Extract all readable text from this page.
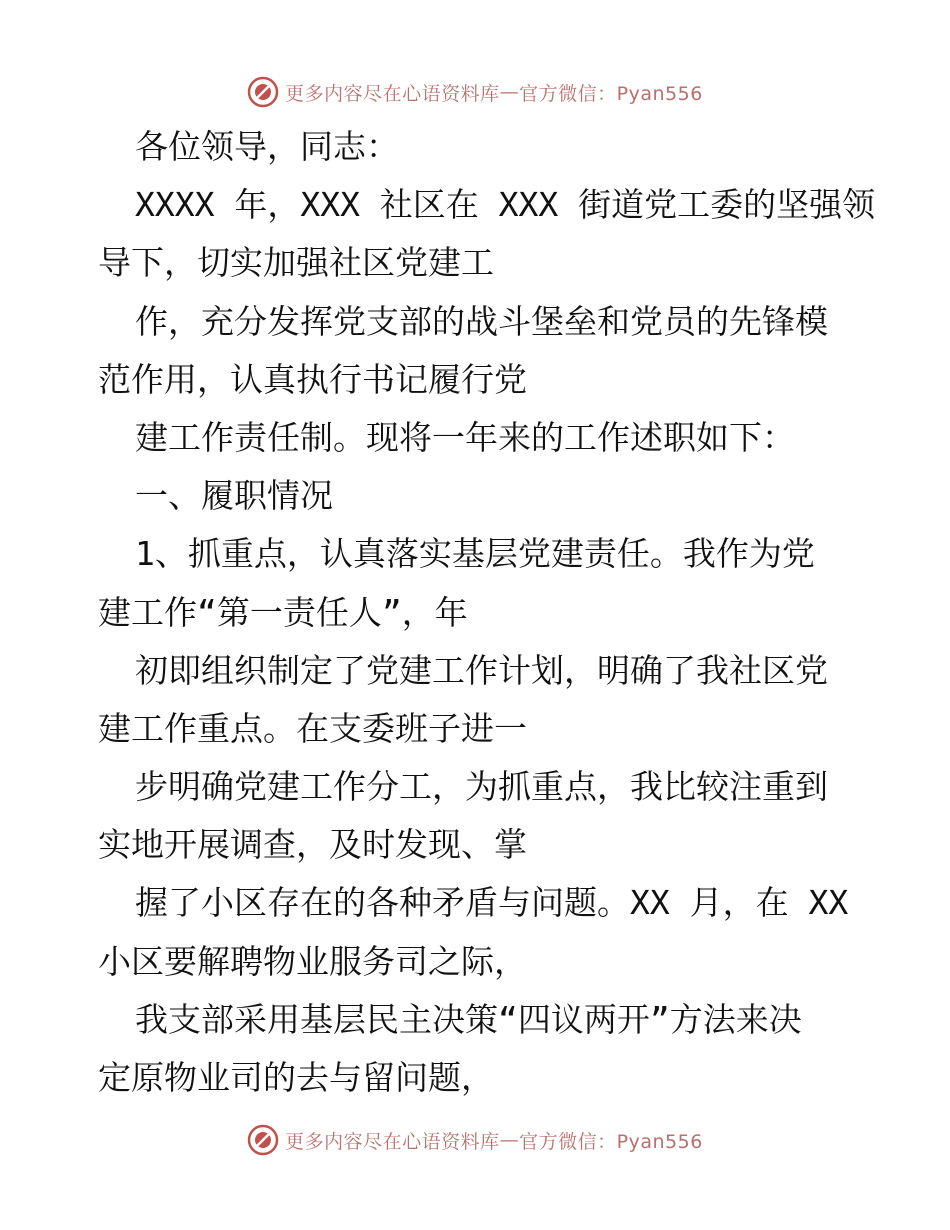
更多内容尽在心语资料库 — 官方微信：Pyan556
各位领导，同志：
XXXX 年，XXX 社区在 XXX 街道党工委的坚强领
导下，切实加强社区党建工
作，充分发挥党支部的战斗堡垒和党员的先锋模
范作用，认真执行书记履行党
建工作责任制。现将一年来的工作述职如下：
一、履职情况
1、抓重点，认真落实基层党建责任。我作为党
建工作“第一责任人”，年
初即组织制定了党建工作计划，明确了我社区党
建工作重点。在支委班子进一
步明确党建工作分工，为抓重点，我比较注重到
实地开展调查，及时发现、掌
握了小区存在的各种矛盾与问题。XX 月，在 XX
小区要解聘物业服务司之际，
我支部采用基层民主决策“四议两开”方法来决
定原物业司的去与留问题，
更多内容尽在心语资料库 — 官方微信：Pyan556
